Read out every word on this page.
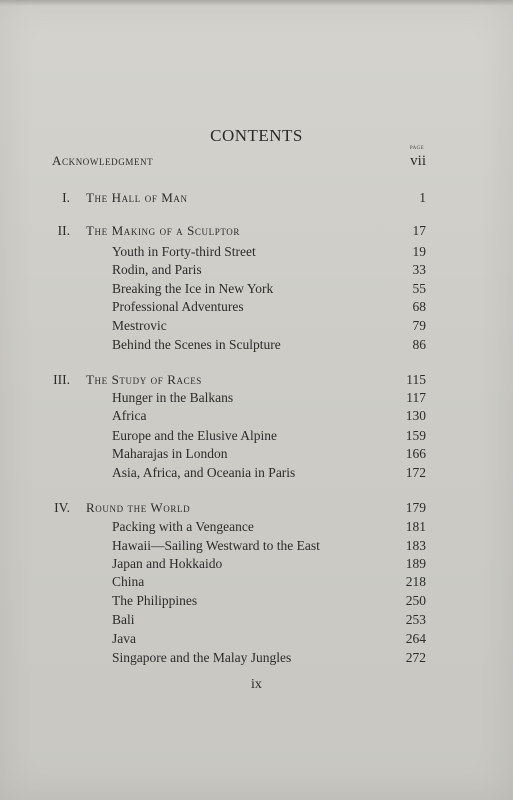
CONTENTS
PAGE
Acknowledgment	vii
I. The Hall of Man	1
II. The Making of a Sculptor	17
Youth in Forty-third Street	19
Rodin, and Paris	33
Breaking the Ice in New York	55
Professional Adventures	68
Mestrovic	79
Behind the Scenes in Sculpture	86
III. The Study of Races	115
Hunger in the Balkans	117
Africa	130
Europe and the Elusive Alpine	159
Maharajas in London	166
Asia, Africa, and Oceania in Paris	172
IV. Round the World	179
Packing with a Vengeance	181
Hawaii—Sailing Westward to the East	183
Japan and Hokkaido	189
China	218
The Philippines	250
Bali	253
Java	264
Singapore and the Malay Jungles	272
ix
